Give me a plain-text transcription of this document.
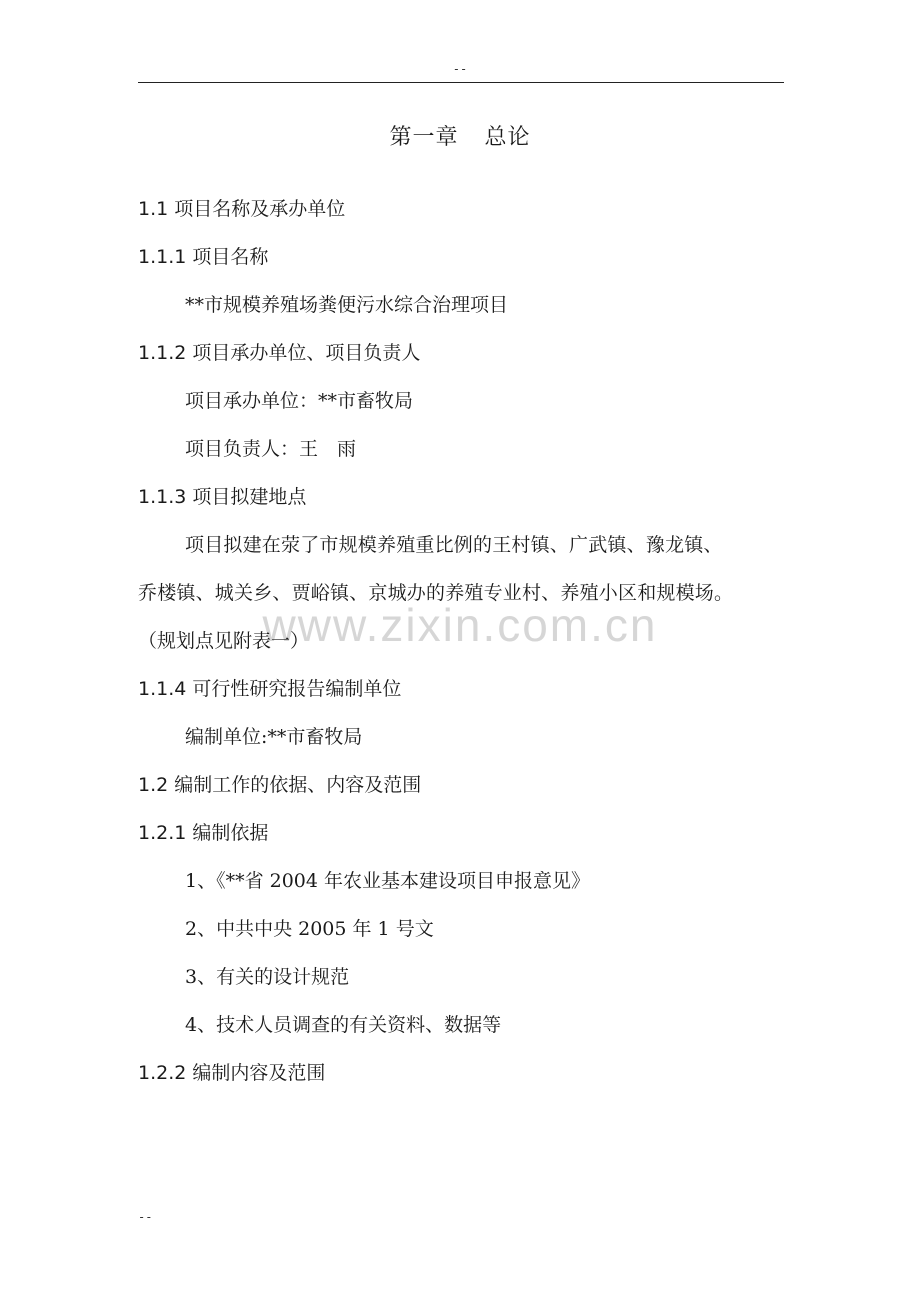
--
第一章 总论
www.zixin.com.cn
1.1 项目名称及承办单位
1.1.1 项目名称
**市规模养殖场粪便污水综合治理项目
1.1.2 项目承办单位、项目负责人
项目承办单位：**市畜牧局
项目负责人：王　雨
1.1.3 项目拟建地点
项目拟建在荥了市规模养殖重比例的王村镇、广武镇、豫龙镇、
乔楼镇、城关乡、贾峪镇、京城办的养殖专业村、养殖小区和规模场。
（规划点见附表一）
1.1.4 可行性研究报告编制单位
编制单位:**市畜牧局
1.2 编制工作的依据、内容及范围
1.2.1 编制依据
1、《**省 2004 年农业基本建设项目申报意见》
2、中共中央 2005 年 1 号文
3、有关的设计规范
4、技术人员调查的有关资料、数据等
1.2.2 编制内容及范围
--
